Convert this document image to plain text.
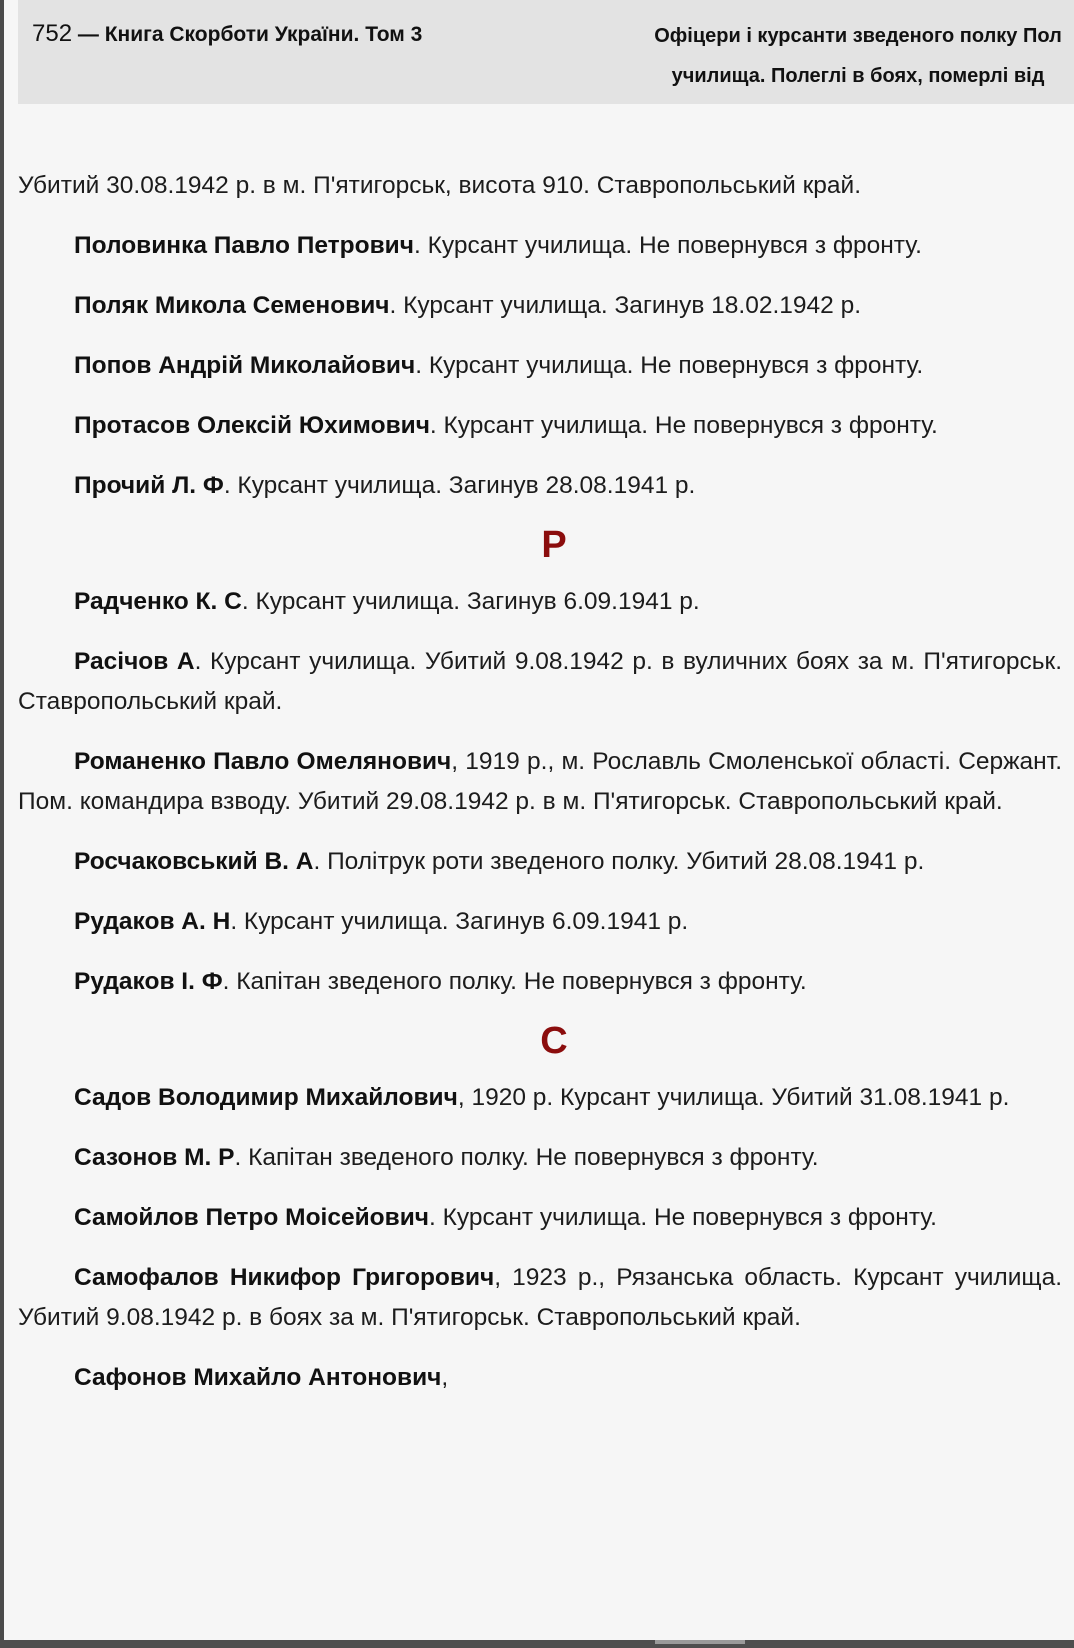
752 — Книга Скорботи України. Том 3	Офіцери і курсанти зведеного полку Пол
училища. Полеглі в боях, померлі від

Убитий 30.08.1942 р. в м. П'ятигорськ, висота 910. Ставропольський край.

Половинка Павло Петрович. Курсант училища. Не повернувся з фронту.

Поляк Микола Семенович. Курсант училища. Загинув 18.02.1942 р.

Попов Андрій Миколайович. Курсант училища. Не повернувся з фронту.

Протасов Олексій Юхимович. Курсант училища. Не повернувся з фронту.

Прочий Л. Ф. Курсант училища. Загинув 28.08.1941 р.

Р

Радченко К. С. Курсант училища. Загинув 6.09.1941 р.

Расічов А. Курсант училища. Убитий 9.08.1942 р. в вуличних боях за м. П'ятигорськ. Ставропольський край.

Романенко Павло Омелянович, 1919 р., м. Рославль Смоленської області. Сержант. Пом. командира взводу. Убитий 29.08.1942 р. в м. П'ятигорськ. Ставропольський край.

Росчаковський В. А. Політрук роти зведеного полку. Убитий 28.08.1941 р.

Рудаков А. Н. Курсант училища. Загинув 6.09.1941 р.

Рудаков І. Ф. Капітан зведеного полку. Не повернувся з фронту.

С

Садов Володимир Михайлович, 1920 р. Курсант училища. Убитий 31.08.1941 р.

Сазонов М. Р. Капітан зведеного полку. Не повернувся з фронту.

Самойлов Петро Моісейович. Курсант училища. Не повернувся з фронту.

Самофалов Никифор Григорович, 1923 р., Рязанська область. Курсант училища. Убитий 9.08.1942 р. в боях за м. П'ятигорськ. Ставропольський край.

Сафонов Михайло Антонович,
